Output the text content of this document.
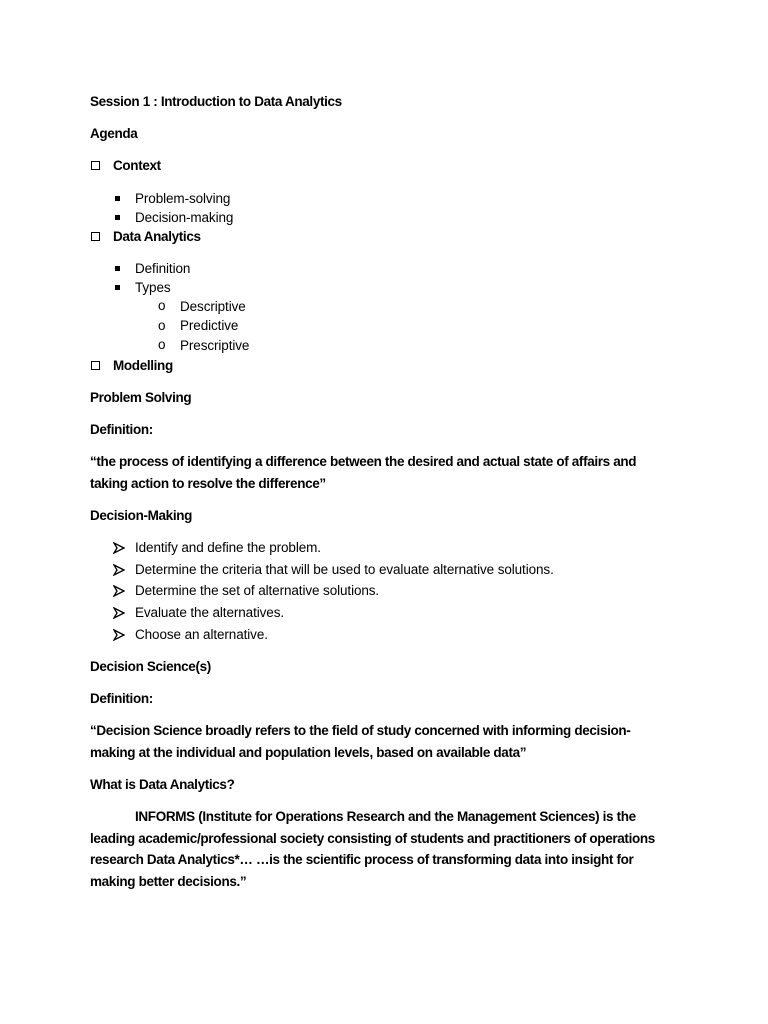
Session 1 : Introduction to Data Analytics
Agenda
Context
Problem-solving
Decision-making
Data Analytics
Definition
Types
o Descriptive
o Predictive
o Prescriptive
Modelling
Problem Solving
Definition:
“the process of identifying a difference between the desired and actual state of affairs and
taking action to resolve the difference”
Decision-Making
Identify and define the problem.
Determine the criteria that will be used to evaluate alternative solutions.
Determine the set of alternative solutions.
Evaluate the alternatives.
Choose an alternative.
Decision Science(s)
Definition:
“Decision Science broadly refers to the field of study concerned with informing decision-
making at the individual and population levels, based on available data”
What is Data Analytics?
INFORMS (Institute for Operations Research and the Management Sciences) is the
leading academic/professional society consisting of students and practitioners of operations
research Data Analytics*… …is the scientific process of transforming data into insight for
making better decisions.”
